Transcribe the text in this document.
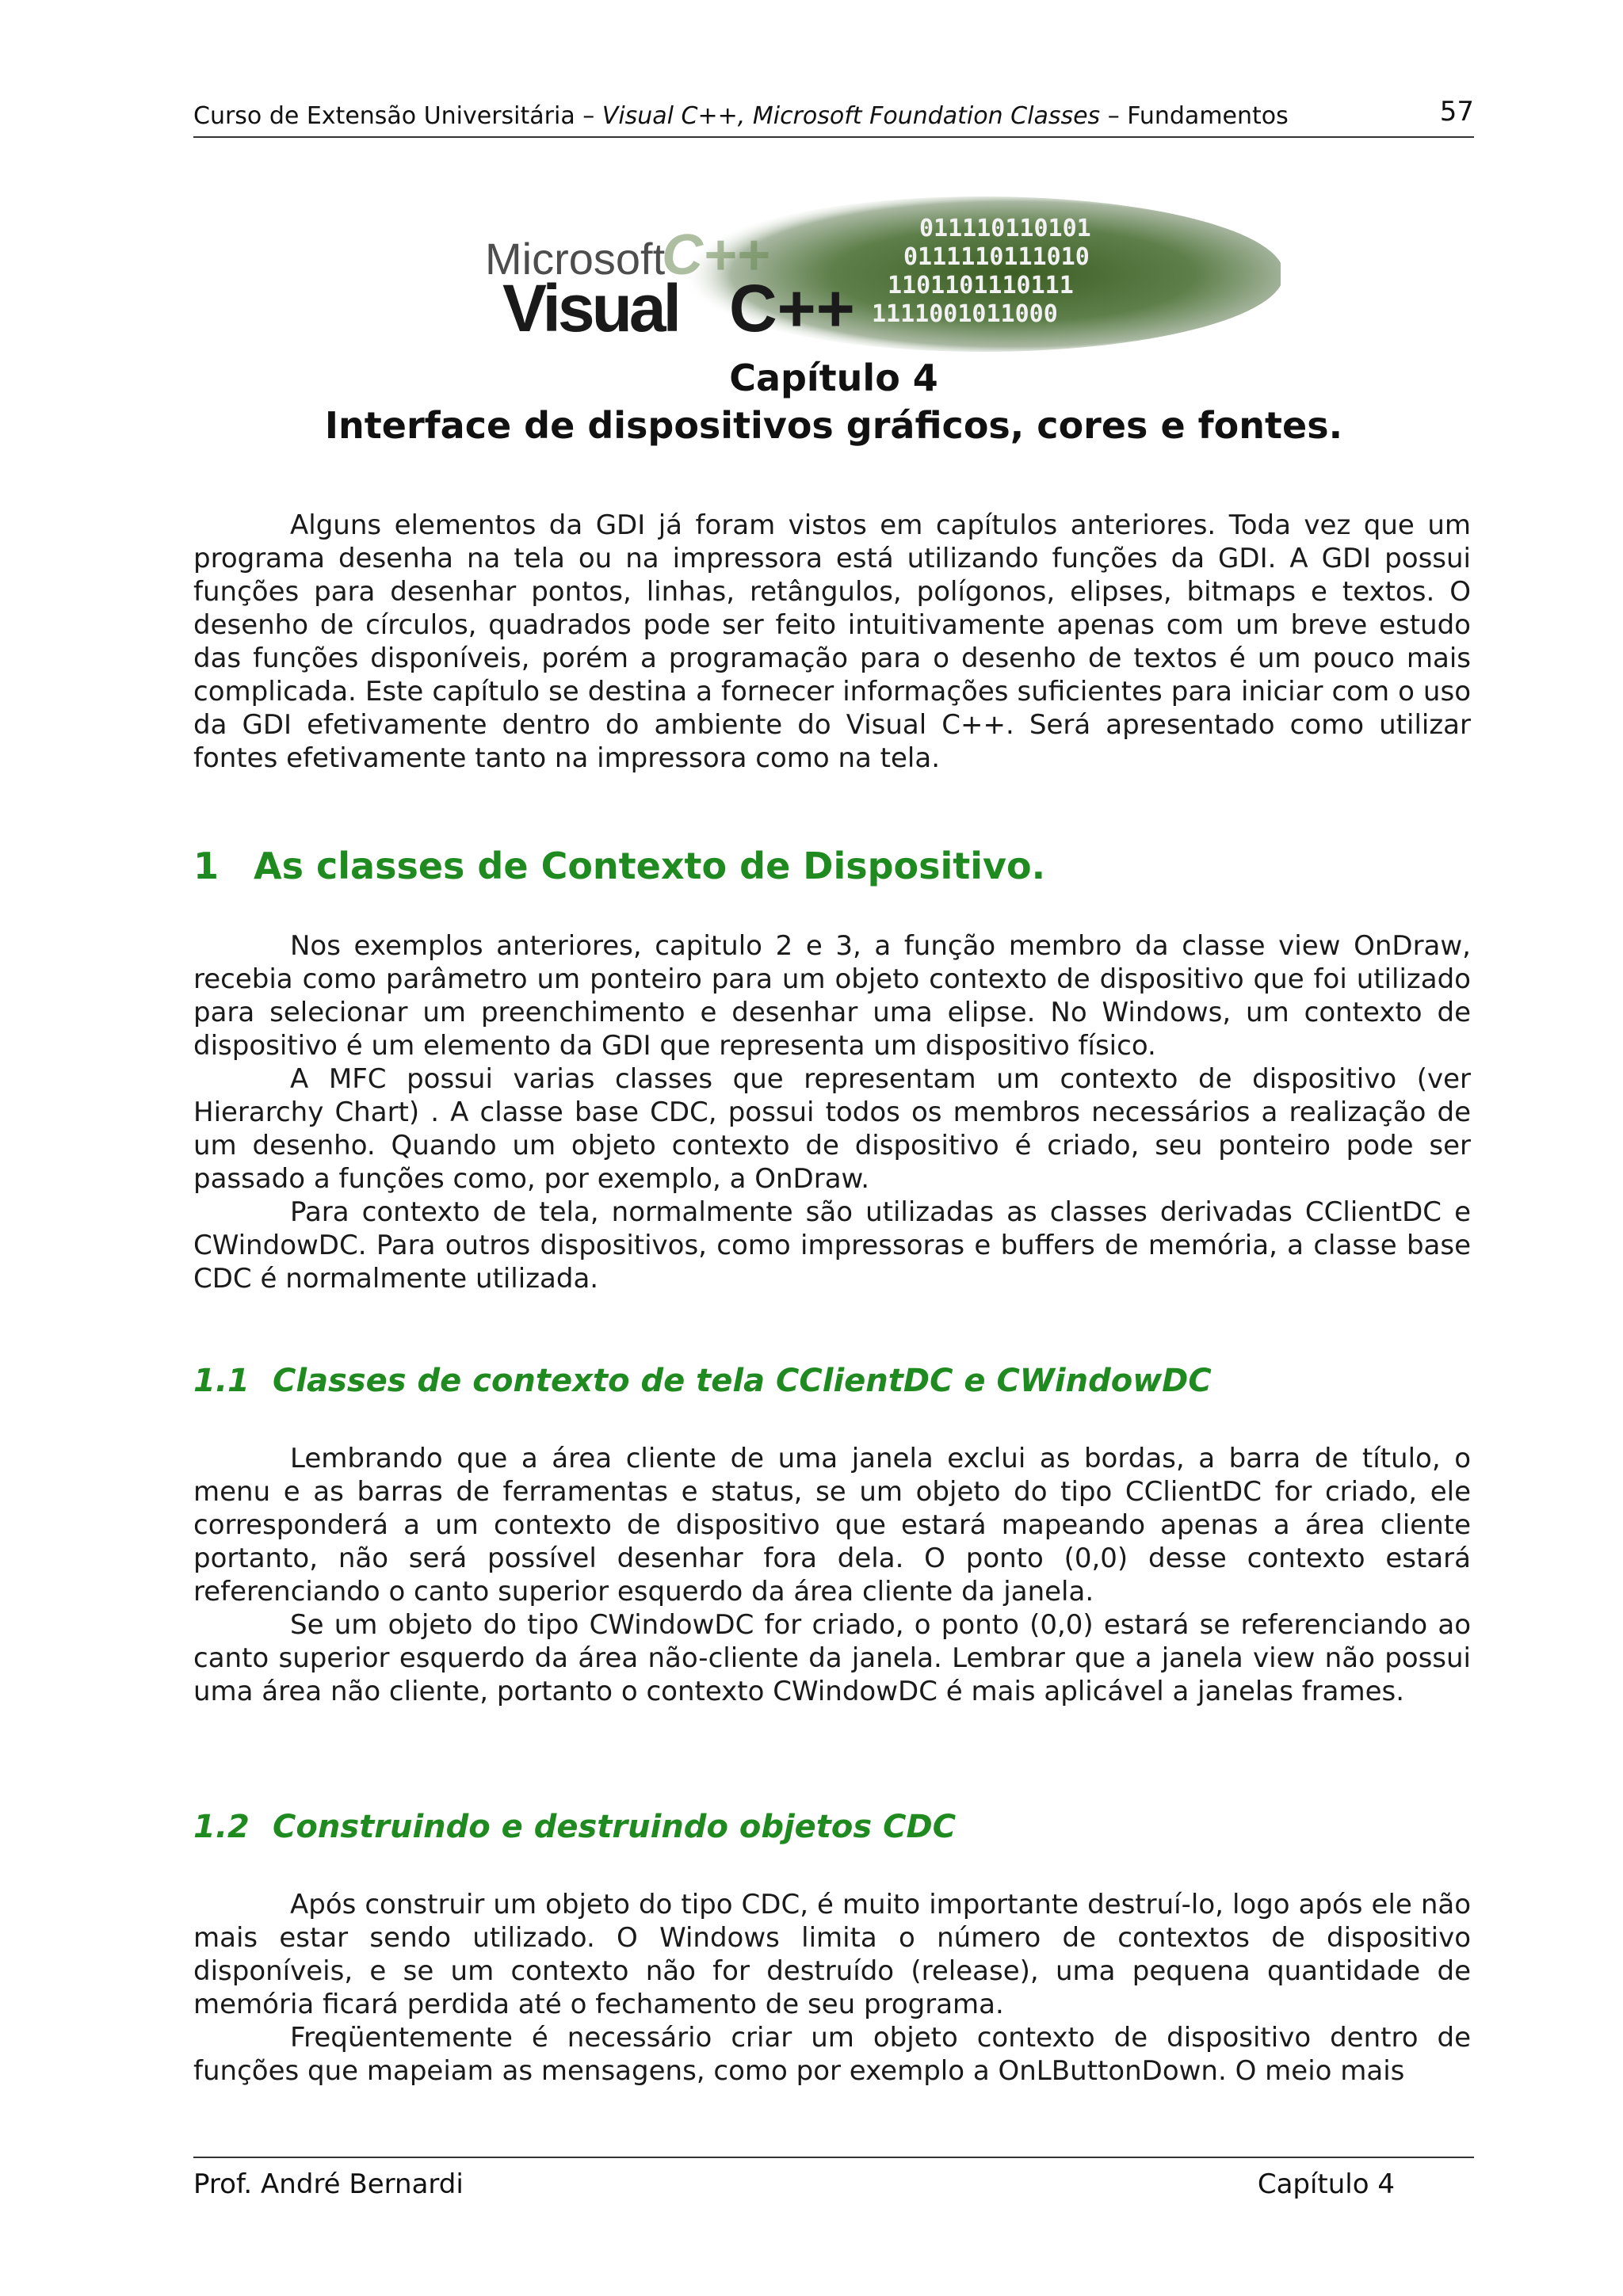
Curso de Extensão Universitária – Visual C++, Microsoft Foundation Classes – Fundamentos	57
C++	011110110101
0111110111010
1101101110111
1111001011000
Microsoft
Visual C++
Capítulo 4
Interface de dispositivos gráficos, cores e fontes.

Alguns elementos da GDI já foram vistos em capítulos anteriores. Toda vez que um programa desenha na tela ou na impressora está utilizando funções da GDI. A GDI possui funções para desenhar pontos, linhas, retângulos, polígonos, elipses, bitmaps e textos. O desenho de círculos, quadrados pode ser feito intuitivamente apenas com um breve estudo das funções disponíveis, porém a programação para o desenho de textos é um pouco mais complicada. Este capítulo se destina a fornecer informações suficientes para iniciar com o uso da GDI efetivamente dentro do ambiente do Visual C++. Será apresentado como utilizar fontes efetivamente tanto na impressora como na tela.

1 As classes de Contexto de Dispositivo.

Nos exemplos anteriores, capitulo 2 e 3, a função membro da classe view OnDraw, recebia como parâmetro um ponteiro para um objeto contexto de dispositivo que foi utilizado para selecionar um preenchimento e desenhar uma elipse. No Windows, um contexto de dispositivo é um elemento da GDI que representa um dispositivo físico.

A MFC possui varias classes que representam um contexto de dispositivo (ver Hierarchy Chart) . A classe base CDC, possui todos os membros necessários a realização de um desenho. Quando um objeto contexto de dispositivo é criado, seu ponteiro pode ser passado a funções como, por exemplo, a OnDraw.

Para contexto de tela, normalmente são utilizadas as classes derivadas CClientDC e CWindowDC. Para outros dispositivos, como impressoras e buffers de memória, a classe base CDC é normalmente utilizada.

1.1 Classes de contexto de tela CClientDC e CWindowDC

Lembrando que a área cliente de uma janela exclui as bordas, a barra de título, o menu e as barras de ferramentas e status, se um objeto do tipo CClientDC for criado, ele corresponderá a um contexto de dispositivo que estará mapeando apenas a área cliente portanto, não será possível desenhar fora dela. O ponto (0,0) desse contexto estará referenciando o canto superior esquerdo da área cliente da janela.

Se um objeto do tipo CWindowDC for criado, o ponto (0,0) estará se referenciando ao canto superior esquerdo da área não-cliente da janela. Lembrar que a janela view não possui uma área não cliente, portanto o contexto CWindowDC é mais aplicável a janelas frames.

1.2 Construindo e destruindo objetos CDC

Após construir um objeto do tipo CDC, é muito importante destruí-lo, logo após ele não mais estar sendo utilizado. O Windows limita o número de contextos de dispositivo disponíveis, e se um contexto não for destruído (release), uma pequena quantidade de memória ficará perdida até o fechamento de seu programa.

Freqüentemente é necessário criar um objeto contexto de dispositivo dentro de funções que mapeiam as mensagens, como por exemplo a OnLButtonDown. O meio mais

Prof. André Bernardi	Capítulo 4
